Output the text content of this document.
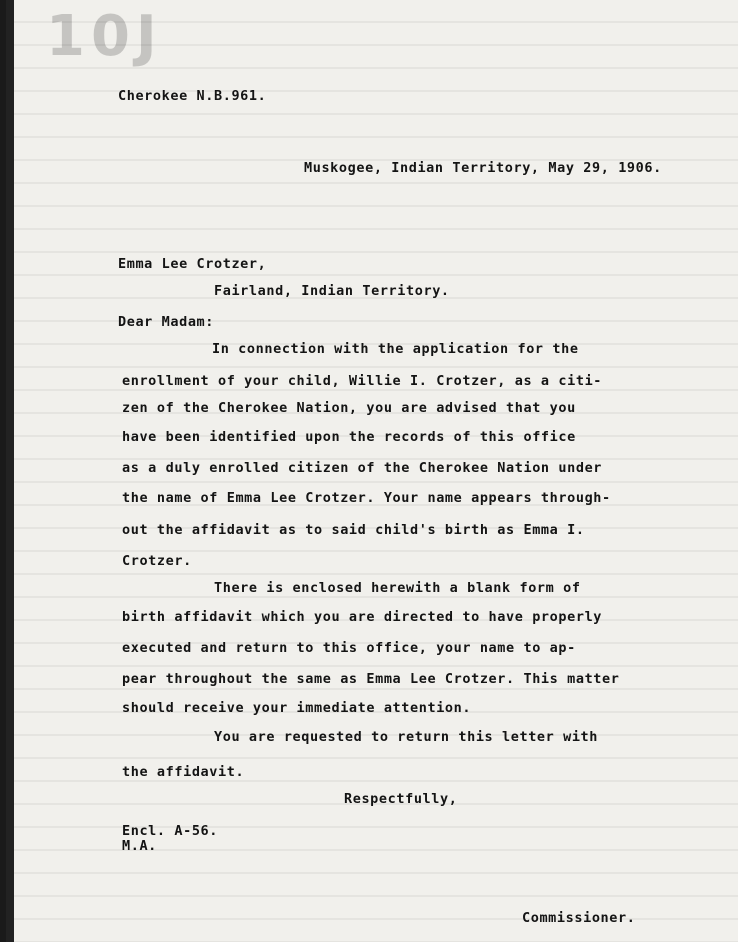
10J
Cherokee N.B.961.
Muskogee, Indian Territory, May 29, 1906.
Emma Lee Crotzer,
Fairland, Indian Territory.
Dear Madam:
In connection with the application for the
enrollment of your child, Willie I. Crotzer, as a citi-
zen of the Cherokee Nation, you are advised that you
have been identified upon the records of this office
as a duly enrolled citizen of the Cherokee Nation under
the name of Emma Lee Crotzer. Your name appears through-
out the affidavit as to said child's birth as Emma I.
Crotzer.
There is enclosed herewith a blank form of
birth affidavit which you are directed to have properly
executed and return to this office, your name to ap-
pear throughout the same as Emma Lee Crotzer. This matter
should receive your immediate attention.
You are requested to return this letter with
the affidavit.
Respectfully,
Encl. A-56.
M.A.
Commissioner.
